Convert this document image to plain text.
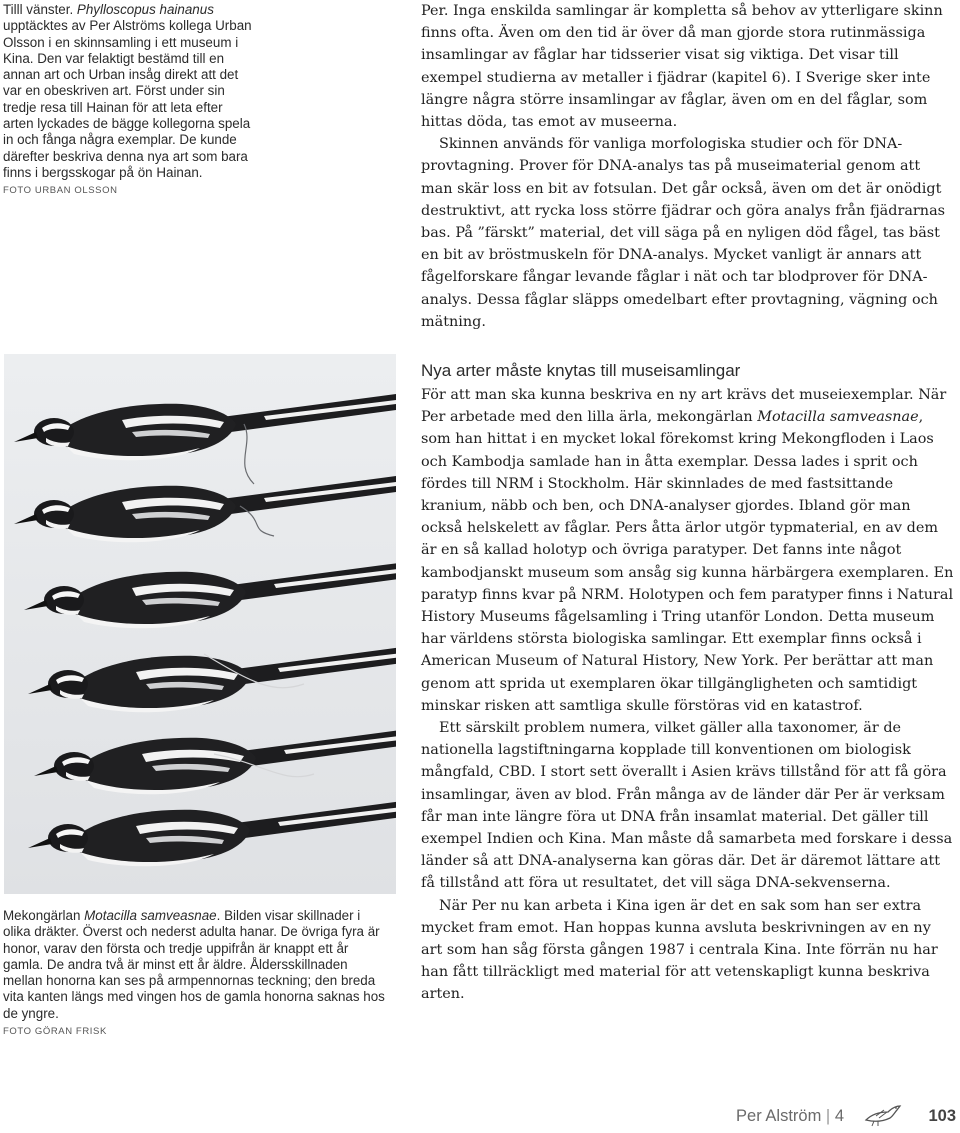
Tilll vänster. Phylloscopus hainanus upptäcktes av Per Alströms kollega Urban Olsson i en skinnsamling i ett museum i Kina. Den var felaktigt bestämd till en annan art och Urban insåg direkt att det var en obeskriven art. Först under sin tredje resa till Hainan för att leta efter arten lyckades de bägge kollegorna spela in och fånga några exemplar. De kunde därefter beskriva denna nya art som bara finns i bergsskogar på ön Hainan.
FOTO URBAN OLSSON

Mekongärlan Motacilla samveasnae. Bilden visar skillnader i olika dräkter. Överst och nederst adulta hanar. De övriga fyra är honor, varav den första och tredje uppifrån är knappt ett år gamla. De andra två är minst ett år äldre. Åldersskillnaden mellan honorna kan ses på armpennornas teckning; den breda vita kanten längs med vingen hos de gamla honorna saknas hos de yngre.
FOTO GÖRAN FRISK

Per. Inga enskilda samlingar är kompletta så behov av ytterligare skinn finns ofta. Även om den tid är över då man gjorde stora rutinmässiga insamlingar av fåglar har tidsserier visat sig viktiga. Det visar till exempel studierna av metaller i fjädrar (kapitel 6). I Sverige sker inte längre några större insamlingar av fåglar, även om en del fåglar, som hittas döda, tas emot av museerna.

Skinnen används för vanliga morfologiska studier och för DNA-provtagning. Prover för DNA-analys tas på museimaterial genom att man skär loss en bit av fotsulan. Det går också, även om det är onödigt destruktivt, att rycka loss större fjädrar och göra analys från fjädrarnas bas. På ”färskt” material, det vill säga på en nyligen död fågel, tas bäst en bit av bröstmuskeln för DNA-analys. Mycket vanligt är annars att fågelforskare fångar levande fåglar i nät och tar blodprover för DNA-analys. Dessa fåglar släpps omedelbart efter provtagning, vägning och mätning.

Nya arter måste knytas till museisamlingar

För att man ska kunna beskriva en ny art krävs det museiexemplar. När Per arbetade med den lilla ärla, mekongärlan Motacilla samveasnae, som han hittat i en mycket lokal förekomst kring Mekongfloden i Laos och Kambodja samlade han in åtta exemplar. Dessa lades i sprit och fördes till NRM i Stockholm. Här skinnlades de med fastsittande kranium, näbb och ben, och DNA-analyser gjordes. Ibland gör man också helskelett av fåglar. Pers åtta ärlor utgör typmaterial, en av dem är en så kallad holotyp och övriga paratyper. Det fanns inte något kambodjanskt museum som ansåg sig kunna härbärgera exemplaren. En paratyp finns kvar på NRM. Holotypen och fem paratyper finns i Natural History Museums fågelsamling i Tring utanför London. Detta museum har världens största biologiska samlingar. Ett exemplar finns också i American Museum of Natural History, New York. Per berättar att man genom att sprida ut exemplaren ökar tillgängligheten och samtidigt minskar risken att samtliga skulle förstöras vid en katastrof.

Ett särskilt problem numera, vilket gäller alla taxonomer, är de nationella lagstiftningarna kopplade till konventionen om biologisk mångfald, CBD. I stort sett överallt i Asien krävs tillstånd för att få göra insamlingar, även av blod. Från många av de länder där Per är verksam får man inte längre föra ut DNA från insamlat material. Det gäller till exempel Indien och Kina. Man måste då samarbeta med forskare i dessa länder så att DNA-analyserna kan göras där. Det är däremot lättare att få tillstånd att föra ut resultatet, det vill säga DNA-sekvenserna.

När Per nu kan arbeta i Kina igen är det en sak som han ser extra mycket fram emot. Han hoppas kunna avsluta beskrivningen av en ny art som han såg första gången 1987 i centrala Kina. Inte förrän nu har han fått tillräckligt med material för att vetenskapligt kunna beskriva arten.

Per Alström | 4	103
